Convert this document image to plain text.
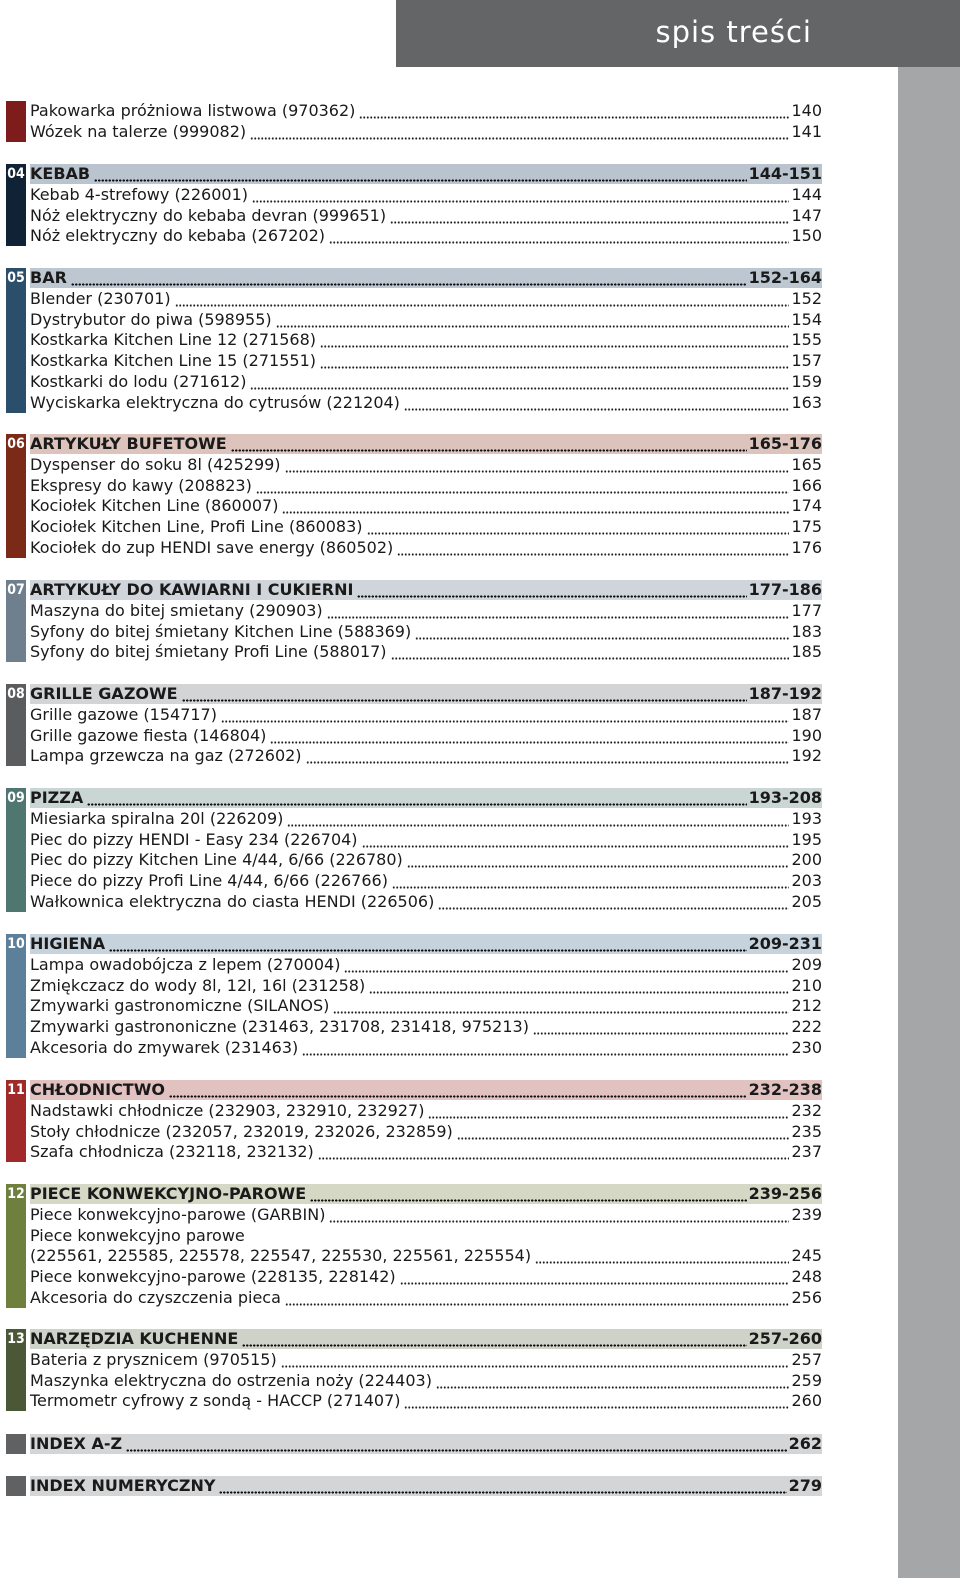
spis treści
Pakowarka próżniowa listwowa (970362)	140
Wózek na talerze (999082)	141
04 KEBAB	144-151
Kebab 4-strefowy (226001)	144
Nóż elektryczny do kebaba devran (999651)	147
Nóż elektryczny do kebaba (267202)	150
05 BAR	152-164
Blender (230701)	152
Dystrybutor do piwa (598955)	154
Kostkarka Kitchen Line 12 (271568)	155
Kostkarka Kitchen Line 15 (271551)	157
Kostkarki do lodu (271612)	159
Wyciskarka elektryczna do cytrusów (221204)	163
06 ARTYKUŁY BUFETOWE	165-176
Dyspenser do soku 8l (425299)	165
Ekspresy do kawy (208823)	166
Kociołek Kitchen Line (860007)	174
Kociołek Kitchen Line, Profi Line (860083)	175
Kociołek do zup HENDI save energy (860502)	176
07 ARTYKUŁY DO KAWIARNI I CUKIERNI	177-186
Maszyna do bitej smietany (290903)	177
Syfony do bitej śmietany Kitchen Line (588369)	183
Syfony do bitej śmietany Profi Line (588017)	185
08 GRILLE GAZOWE	187-192
Grille gazowe (154717)	187
Grille gazowe fiesta (146804)	190
Lampa grzewcza na gaz (272602)	192
09 PIZZA	193-208
Miesiarka spiralna 20l (226209)	193
Piec do pizzy HENDI - Easy 234 (226704)	195
Piec do pizzy Kitchen Line 4/44, 6/66 (226780)	200
Piece do pizzy Profi Line 4/44, 6/66 (226766)	203
Wałkownica elektryczna do ciasta HENDI (226506)	205
10 HIGIENA	209-231
Lampa owadobójcza z lepem (270004)	209
Zmiękczacz do wody 8l, 12l, 16l (231258)	210
Zmywarki gastronomiczne (SILANOS)	212
Zmywarki gastrononiczne (231463, 231708, 231418, 975213)	222
Akcesoria do zmywarek (231463)	230
11 CHŁODNICTWO	232-238
Nadstawki chłodnicze (232903, 232910, 232927)	232
Stoły chłodnicze (232057, 232019, 232026, 232859)	235
Szafa chłodnicza (232118, 232132)	237
12 PIECE KONWEKCYJNO-PAROWE	239-256
Piece konwekcyjno-parowe (GARBIN)	239
Piece konwekcyjno parowe
(225561, 225585, 225578, 225547, 225530, 225561, 225554)	245
Piece konwekcyjno-parowe (228135, 228142)	248
Akcesoria do czyszczenia pieca	256
13 NARZĘDZIA KUCHENNE	257-260
Bateria z prysznicem (970515)	257
Maszynka elektryczna do ostrzenia noży (224403)	259
Termometr cyfrowy z sondą - HACCP (271407)	260
INDEX A-Z	262
INDEX NUMERYCZNY	279
